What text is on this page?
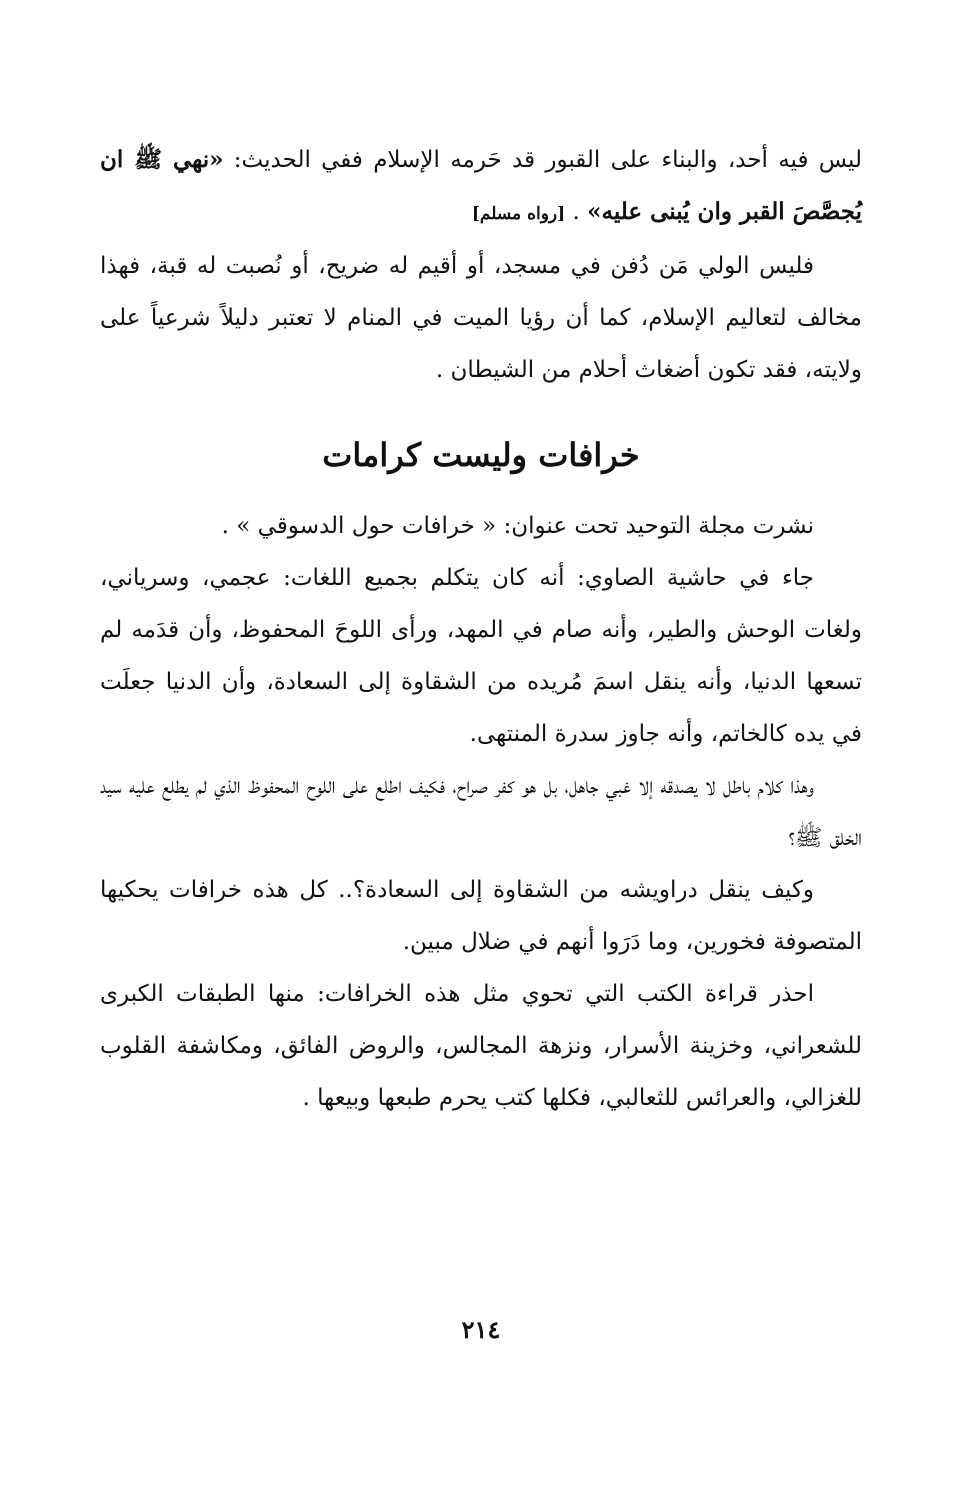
ليس فيه أحد، والبناء على القبور قد حَرمه الإسلام ففي الحديث: «نهي ﷺ ان يُجصَّصَ القبر وان يُبنى عليه» . [رواه مسلم]

فليس الولي مَن دُفن في مسجد، أو أقيم له ضريح، أو نُصبت له قبة، فهذا مخالف لتعاليم الإسلام، كما أن رؤيا الميت في المنام لا تعتبر دليلاً شرعياً على ولايته، فقد تكون أضغاث أحلام من الشيطان .

خرافات وليست كرامات

نشرت مجلة التوحيد تحت عنوان: « خرافات حول الدسوقي » .

جاء في حاشية الصاوي: أنه كان يتكلم بجميع اللغات: عجمي، وسرياني، ولغات الوحش والطير، وأنه صام في المهد، ورأى اللوحَ المحفوظ، وأن قدَمه لم تسعها الدنيا، وأنه ينقل اسمَ مُريده من الشقاوة إلى السعادة، وأن الدنيا جعلَت في يده كالخاتم، وأنه جاوز سدرة المنتهى.

وهذا كلام باطل لا يصدقه إلا غبي جاهل، بل هو كفر صراح، فكيف اطلع على اللوح المحفوظ الذي لم يطلع عليه سيد الخلق ﷺ؟

وكيف ينقل دراويشه من الشقاوة إلى السعادة؟.. كل هذه خرافات يحكيها المتصوفة فخورين، وما دَرَوا أنهم في ضلال مبين.

احذر قراءة الكتب التي تحوي مثل هذه الخرافات: منها الطبقات الكبرى للشعراني، وخزينة الأسرار، ونزهة المجالس، والروض الفائق، ومكاشفة القلوب للغزالي، والعرائس للثعالبي، فكلها كتب يحرم طبعها وبيعها .

٢١٤
